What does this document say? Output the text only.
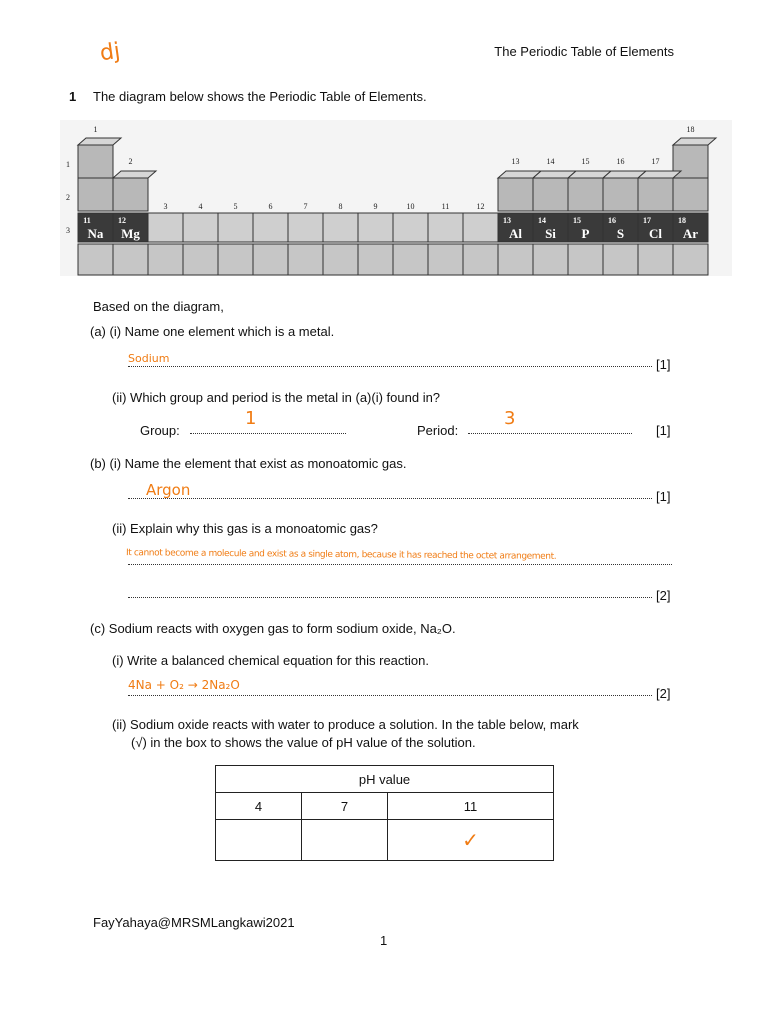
dj	The Periodic Table of Elements
1 The diagram below shows the Periodic Table of Elements.
1
2
3	4	5	6	7	8	9	10	11	12
13	14	15	16	17
18
1
2
3
11
Na
12
Mg
13
Al
14
Si
15
P
16
S
17
Cl
18
Ar
Based on the diagram,
(a) (i) Name one element which is a metal.
Sodium	[1]
(ii) Which group and period is the metal in (a)(i) found in?
Group:
1
Period:
3
[1]
(b) (i) Name the element that exist as monoatomic gas.
Argon	[1]
(ii) Explain why this gas is a monoatomic gas?
It cannot become a molecule and exist as a single atom, because it has reached the octet arrangement.
[2]
(c) Sodium reacts with oxygen gas to form sodium oxide, Na₂O.
(i) Write a balanced chemical equation for this reaction.
4Na + O₂ → 2Na₂O
[2]
(ii) Sodium oxide reacts with water to produce a solution. In the table below, mark
(√) in the box to shows the value of pH value of the solution.
pH value		
4	7	11
		✓
FayYahaya@MRSMLangkawi2021
1
